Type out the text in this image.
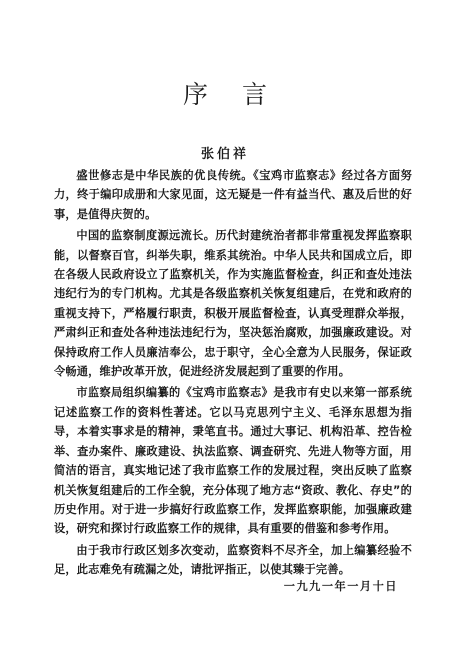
序言
张伯祥

盛世修志是中华民族的优良传统。《宝鸡市监察志》经过各方面努力，终于编印成册和大家见面，这无疑是一件有益当代、惠及后世的好事，是值得庆贺的。

中国的监察制度源远流长。历代封建统治者都非常重视发挥监察职能，以督察百官，纠举失职，维系其统治。中华人民共和国成立后，即在各级人民政府设立了监察机关，作为实施监督检查，纠正和查处违法违纪行为的专门机构。尤其是各级监察机关恢复组建后，在党和政府的重视支持下，严格履行职责，积极开展监督检查，认真受理群众举报，严肃纠正和查处各种违法违纪行为，坚决惩治腐败，加强廉政建设。对保持政府工作人员廉洁奉公，忠于职守，全心全意为人民服务，保证政令畅通，维护改革开放，促进经济发展起到了重要的作用。

市监察局组织编纂的《宝鸡市监察志》是我市有史以来第一部系统记述监察工作的资料性著述。它以马克思列宁主义、毛泽东思想为指导，本着实事求是的精神，秉笔直书。通过大事记、机构沿革、控告检举、查办案件、廉政建设、执法监察、调查研究、先进人物等方面，用简洁的语言，真实地记述了我市监察工作的发展过程，突出反映了监察机关恢复组建后的工作全貌，充分体现了地方志“资政、教化、存史”的历史作用。对于进一步搞好行政监察工作，发挥监察职能，加强廉政建设，研究和探讨行政监察工作的规律，具有重要的借鉴和参考作用。

由于我市行政区划多次变动，监察资料不尽齐全，加上编纂经验不足，此志难免有疏漏之处，请批评指正，以使其臻于完善。

一九九一年一月十日
